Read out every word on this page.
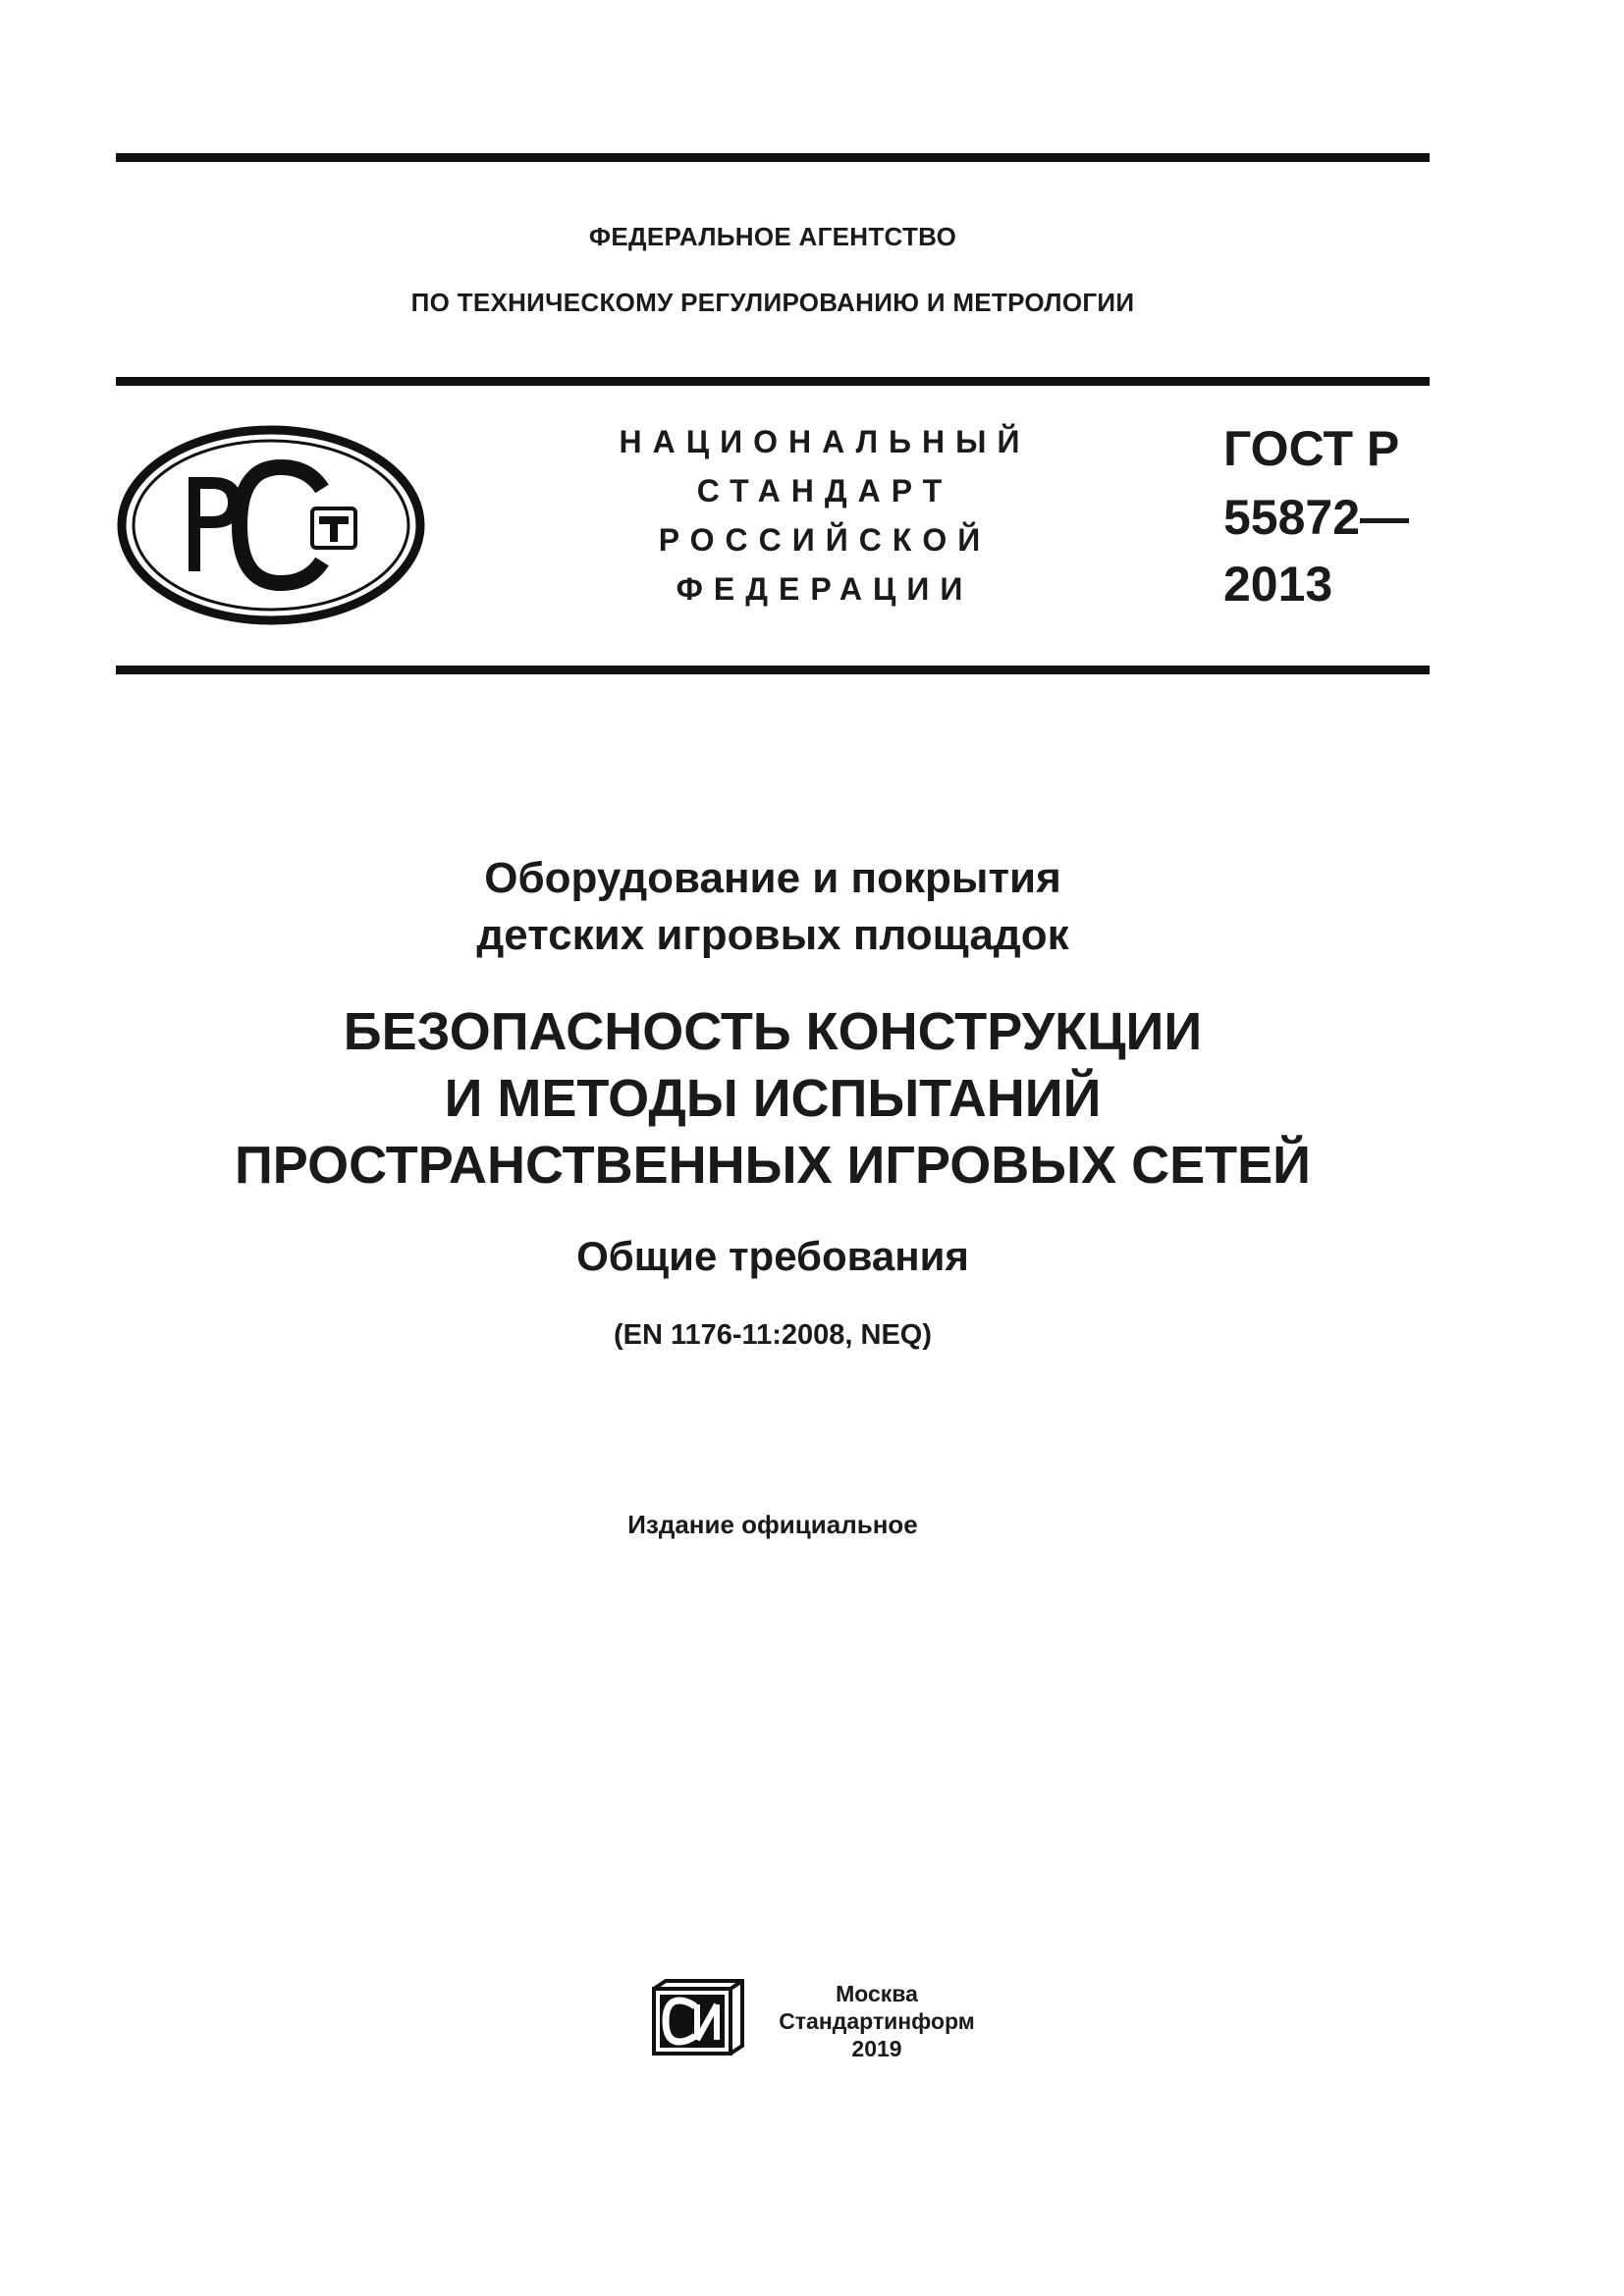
ФЕДЕРАЛЬНОЕ АГЕНТСТВО
ПО ТЕХНИЧЕСКОМУ РЕГУЛИРОВАНИЮ И МЕТРОЛОГИИ
НАЦИОНАЛЬНЫЙ
СТАНДАРТ
РОССИЙСКОЙ
ФЕДЕРАЦИИ
ГОСТ Р
55872—
2013
Оборудование и покрытия
детских игровых площадок
БЕЗОПАСНОСТЬ КОНСТРУКЦИИ
И МЕТОДЫ ИСПЫТАНИЙ
ПРОСТРАНСТВЕННЫХ ИГРОВЫХ СЕТЕЙ
Общие требования
(EN 1176-11:2008, NEQ)
Издание официальное
Москва
Стандартинформ
2019
